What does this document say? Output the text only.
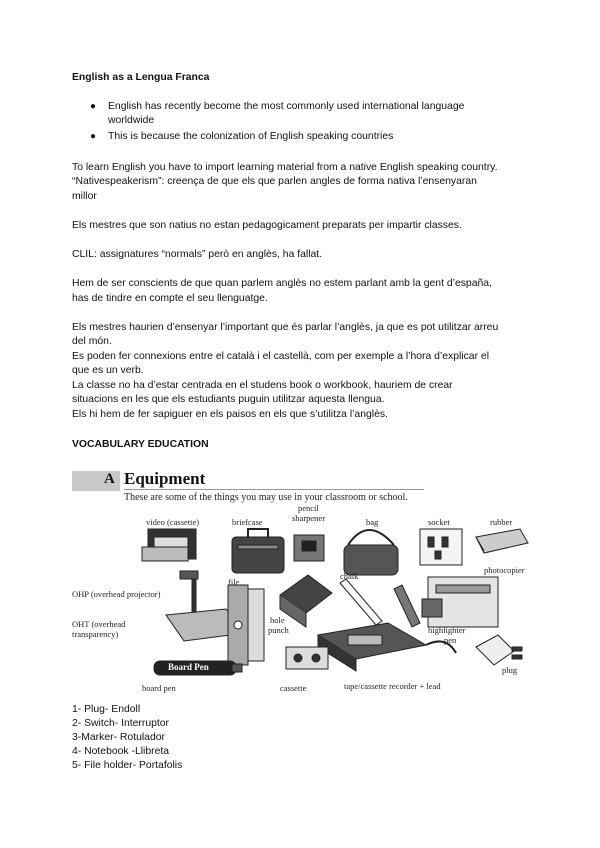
English as a Lengua Franca
● English has recently become the most commonly used international language
worldwide
● This is because the colonization of English speaking countries
To learn English you have to import learning material from a native English speaking country.
“Nativespeakerism”: creença de que els que parlen angles de forma nativa l’ensenyaran
millor
Els mestres que son natius no estan pedagogicament preparats per impartir classes.
CLIL: assignatures “normals” però en anglès, ha fallat.
Hem de ser conscients de que quan parlem anglès no estem parlant amb la gent d’españa,
has de tindre en compte el seu llenguatge.
Els mestres haurien d’ensenyar l’important que és parlar l’anglès, ja que es pot utilitzar arreu
del món.
Es poden fer connexions entre el català i el castellà, com per exemple a l’hora d’explicar el
que es un verb.
La classe no ha d’estar centrada en el studens book o workbook, hauriem de crear
situacions en les que els estudiants puguin utilitzar aquesta llengua.
Els hi hem de fer sapiguer en els paisos en els que s’utilitza l’anglès.
VOCABULARY EDUCATION
A Equipment
These are some of the things you may use in your classroom or school.
Board Pen
video (cassette)	briefcase
pencil
sharpener	bag	socket	rubber
photocopier
OHP (overhead projector)
file
chalk
OHT (overhead
transparency)
hole
punch	highlighter
pen
plug
board pen	cassette	tape/cassette recorder + lead
1- Plug- Endoll
2- Switch- Interruptor
3-Marker- Rotulador
4- Notebook -Llibreta
5- File holder- Portafolis
